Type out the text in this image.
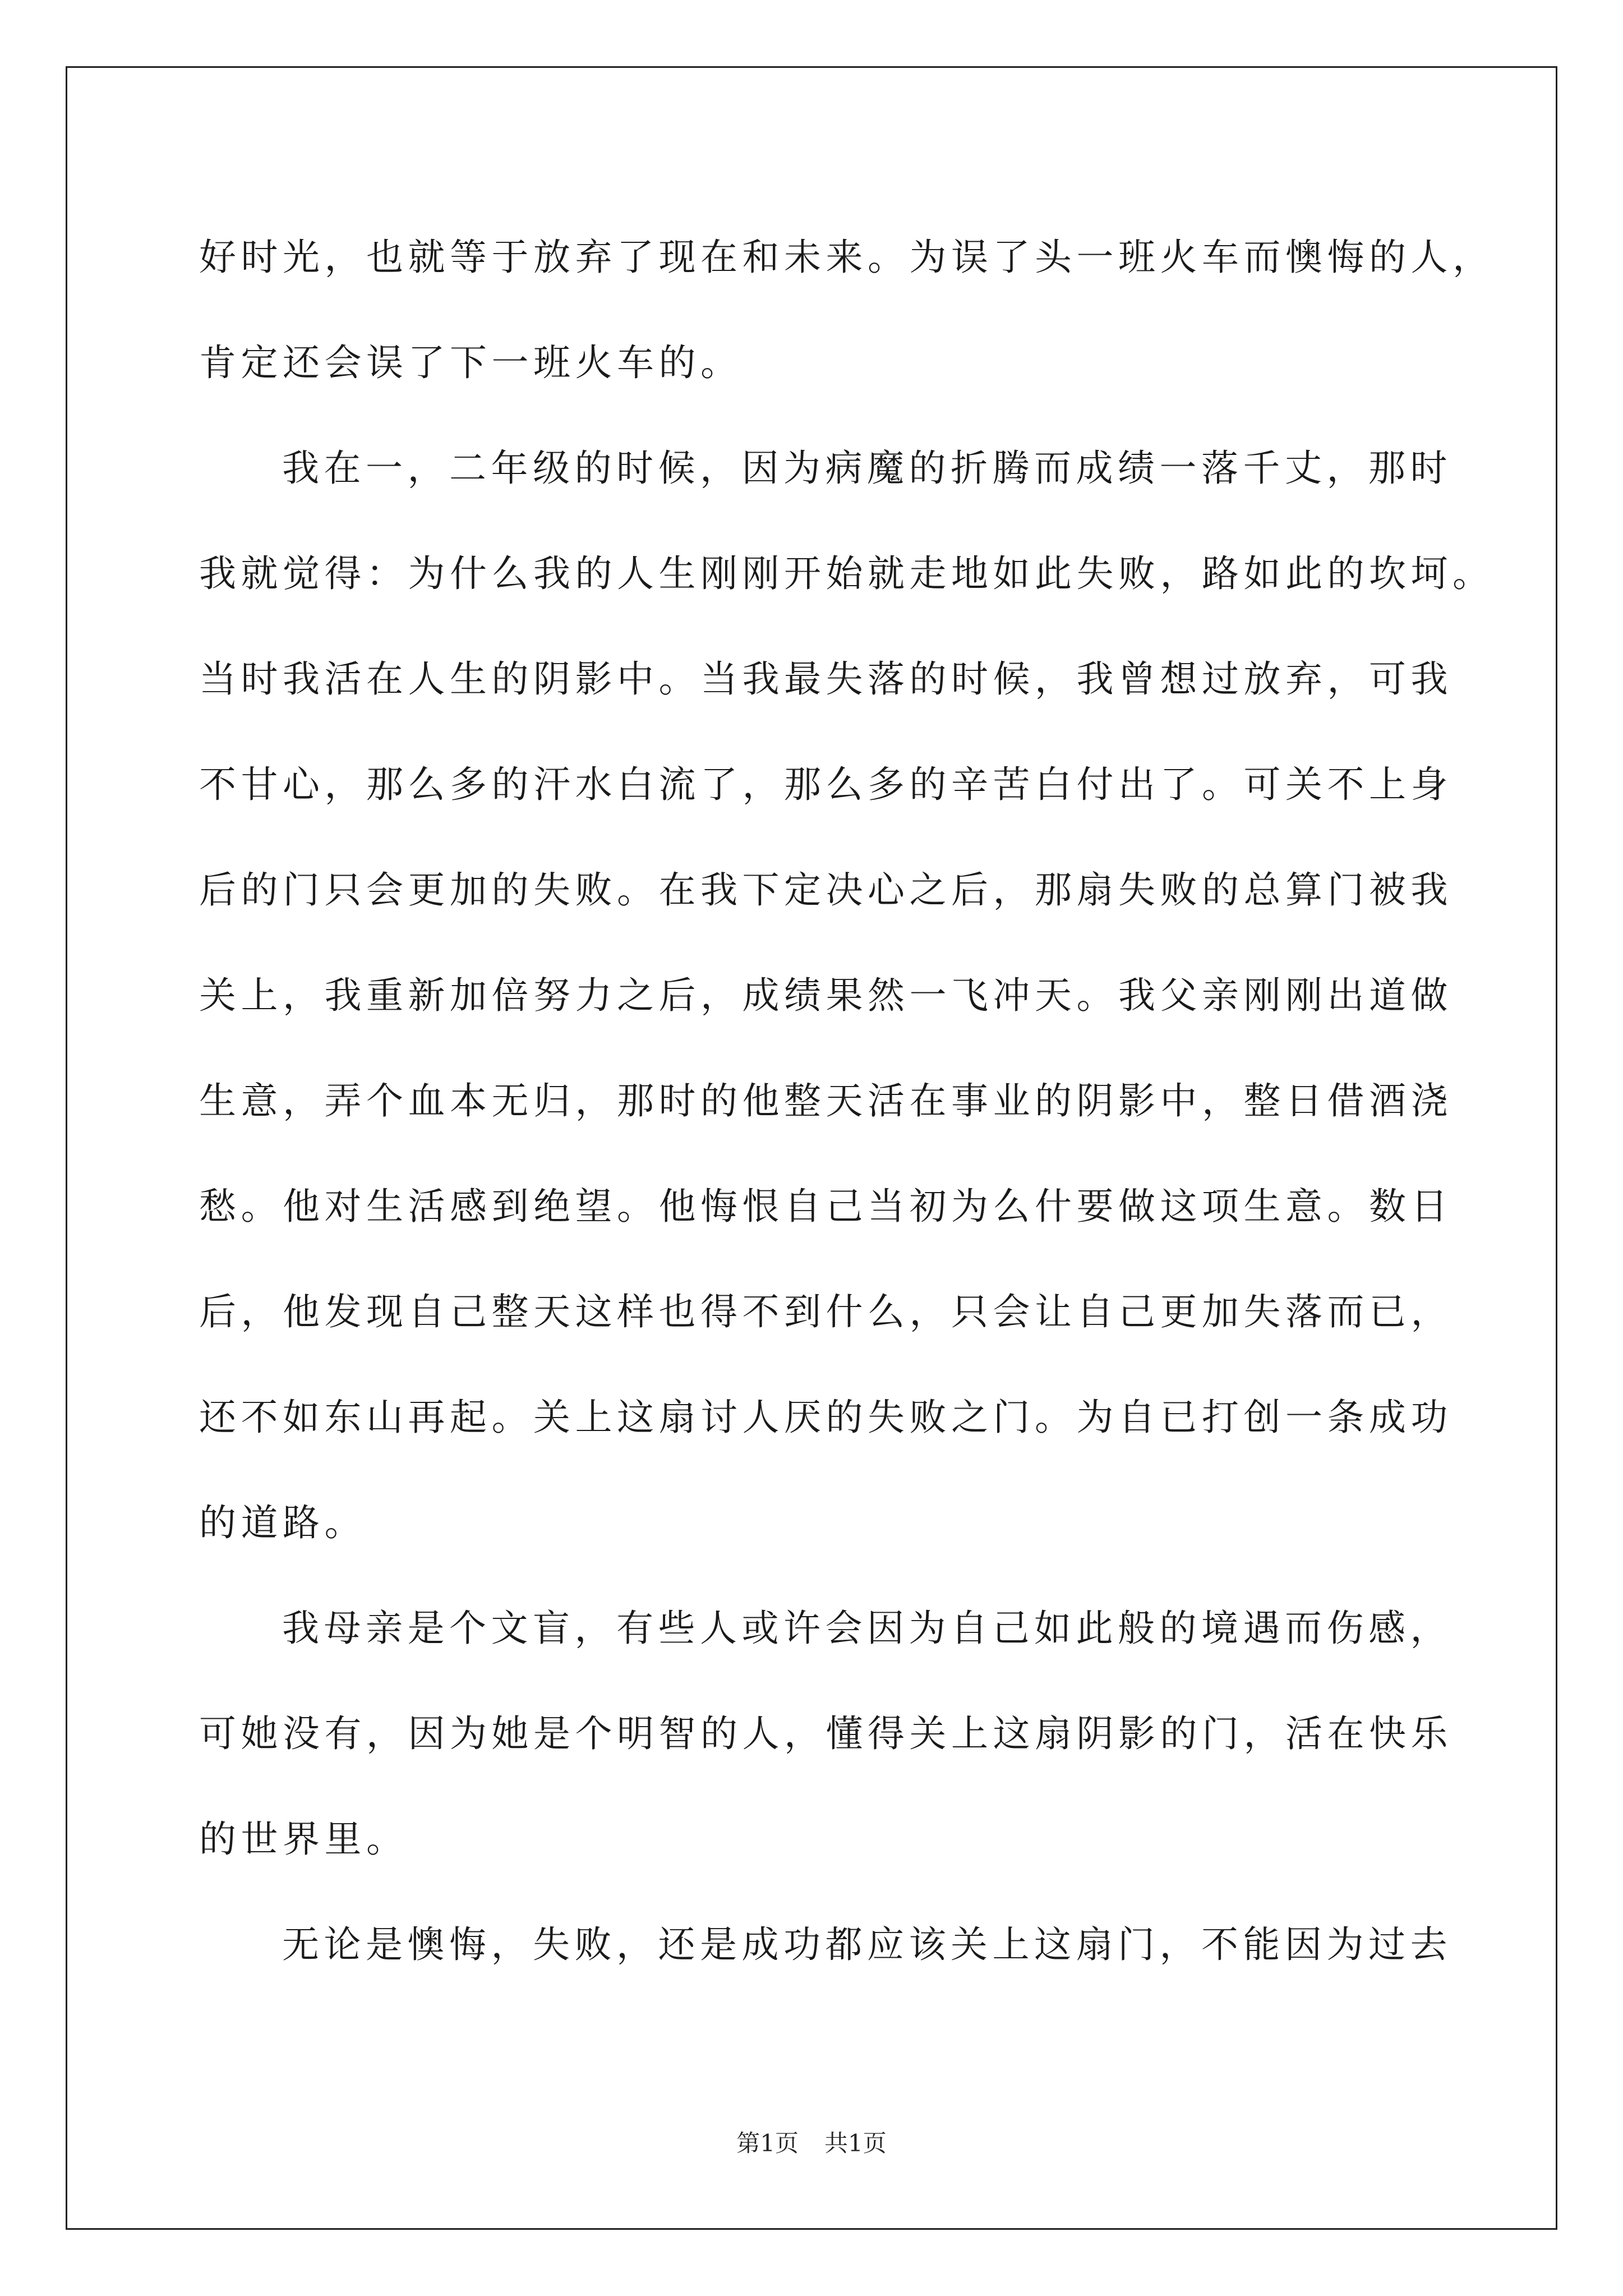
好时光，也就等于放弃了现在和未来。为误了头一班火车而懊悔的人，
肯定还会误了下一班火车的。
我在一，二年级的时候，因为病魔的折腾而成绩一落千丈，那时
我就觉得：为什么我的人生刚刚开始就走地如此失败，路如此的坎坷。
当时我活在人生的阴影中。当我最失落的时候，我曾想过放弃，可我
不甘心，那么多的汗水白流了，那么多的辛苦白付出了。可关不上身
后的门只会更加的失败。在我下定决心之后，那扇失败的总算门被我
关上，我重新加倍努力之后，成绩果然一飞冲天。我父亲刚刚出道做
生意，弄个血本无归，那时的他整天活在事业的阴影中，整日借酒浇
愁。他对生活感到绝望。他悔恨自己当初为么什要做这项生意。数日
后，他发现自己整天这样也得不到什么，只会让自己更加失落而已，
还不如东山再起。关上这扇讨人厌的失败之门。为自已打创一条成功
的道路。
我母亲是个文盲，有些人或许会因为自己如此般的境遇而伤感，
可她没有，因为她是个明智的人，懂得关上这扇阴影的门，活在快乐
的世界里。
无论是懊悔，失败，还是成功都应该关上这扇门，不能因为过去
第1页 共1页
